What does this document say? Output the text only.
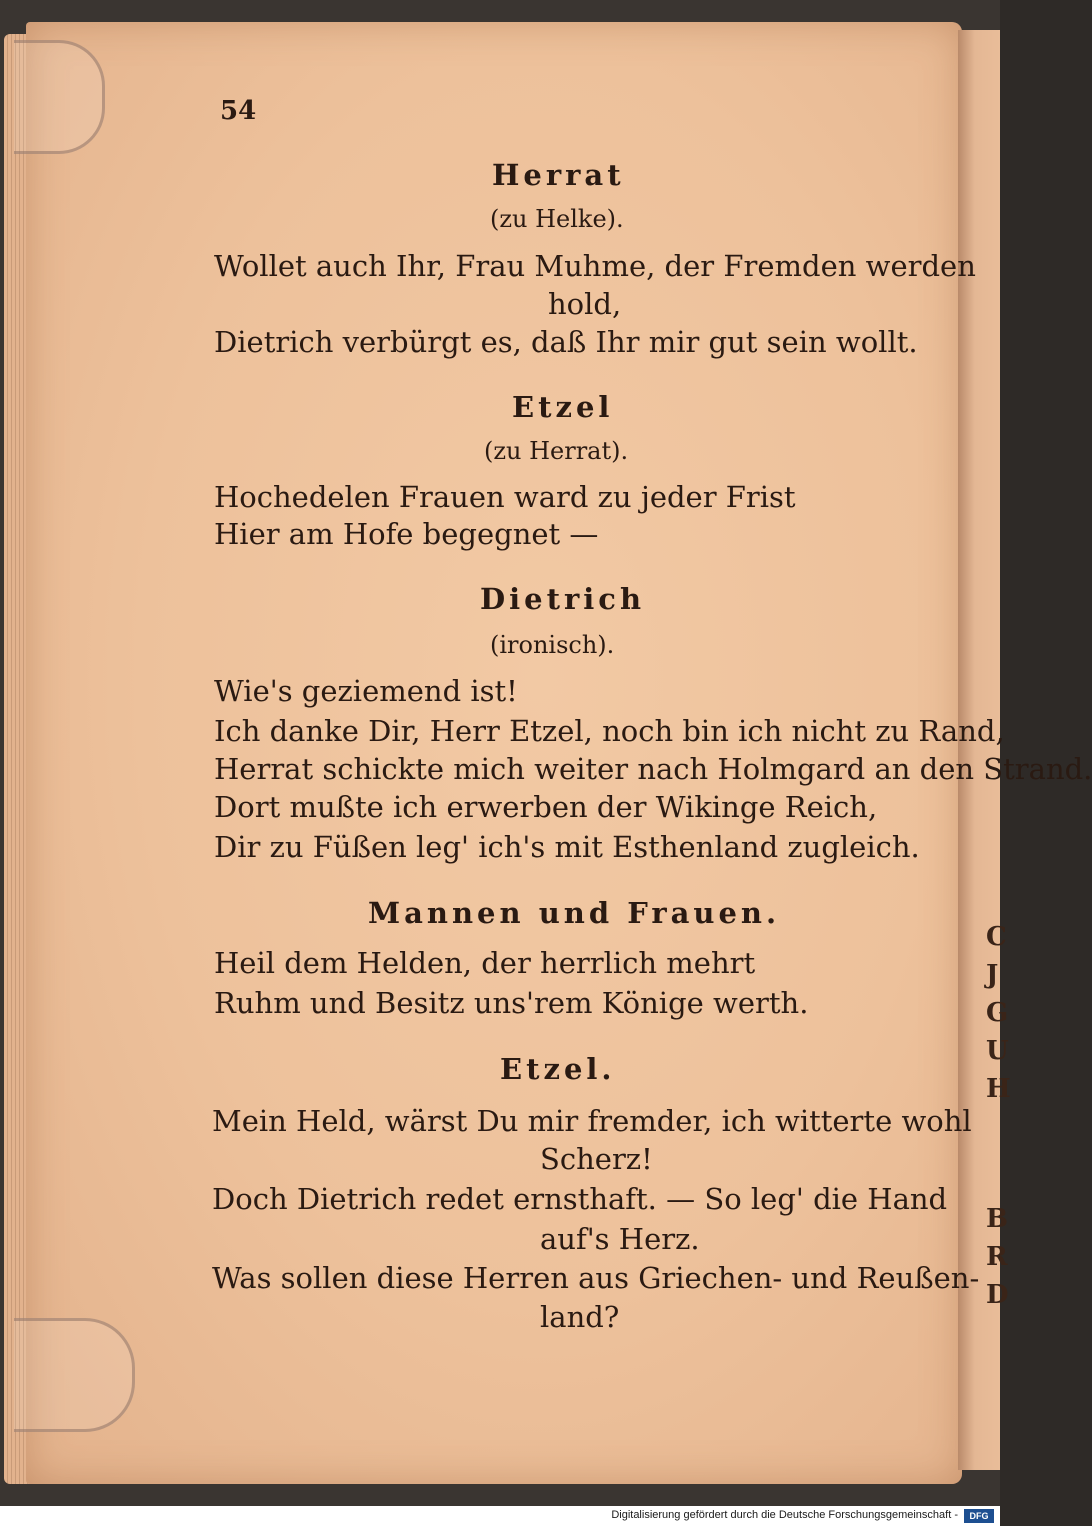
C
J
G
U
H
B
R
D
54
Herrat
(zu Helke).
Wollet auch Ihr, Frau Muhme, der Fremden werden
hold,
Dietrich verbürgt es, daß Ihr mir gut sein wollt.
Etzel
(zu Herrat).
Hochedelen Frauen ward zu jeder Frist
Hier am Hofe begegnet —
Dietrich
(ironisch).
Wie's geziemend ist!
Ich danke Dir, Herr Etzel, noch bin ich nicht zu Rand,
Herrat schickte mich weiter nach Holmgard an den Strand.
Dort mußte ich erwerben der Wikinge Reich,
Dir zu Füßen leg' ich's mit Esthenland zugleich.
Mannen und Frauen.
Heil dem Helden, der herrlich mehrt
Ruhm und Besitz uns'rem Könige werth.
Etzel.
Mein Held, wärst Du mir fremder, ich witterte wohl
Scherz!
Doch Dietrich redet ernsthaft. — So leg' die Hand
auf's Herz.
Was sollen diese Herren aus Griechen- und Reußen-
land?
Digitalisierung gefördert durch die Deutsche Forschungsgemeinschaft -	DFG
